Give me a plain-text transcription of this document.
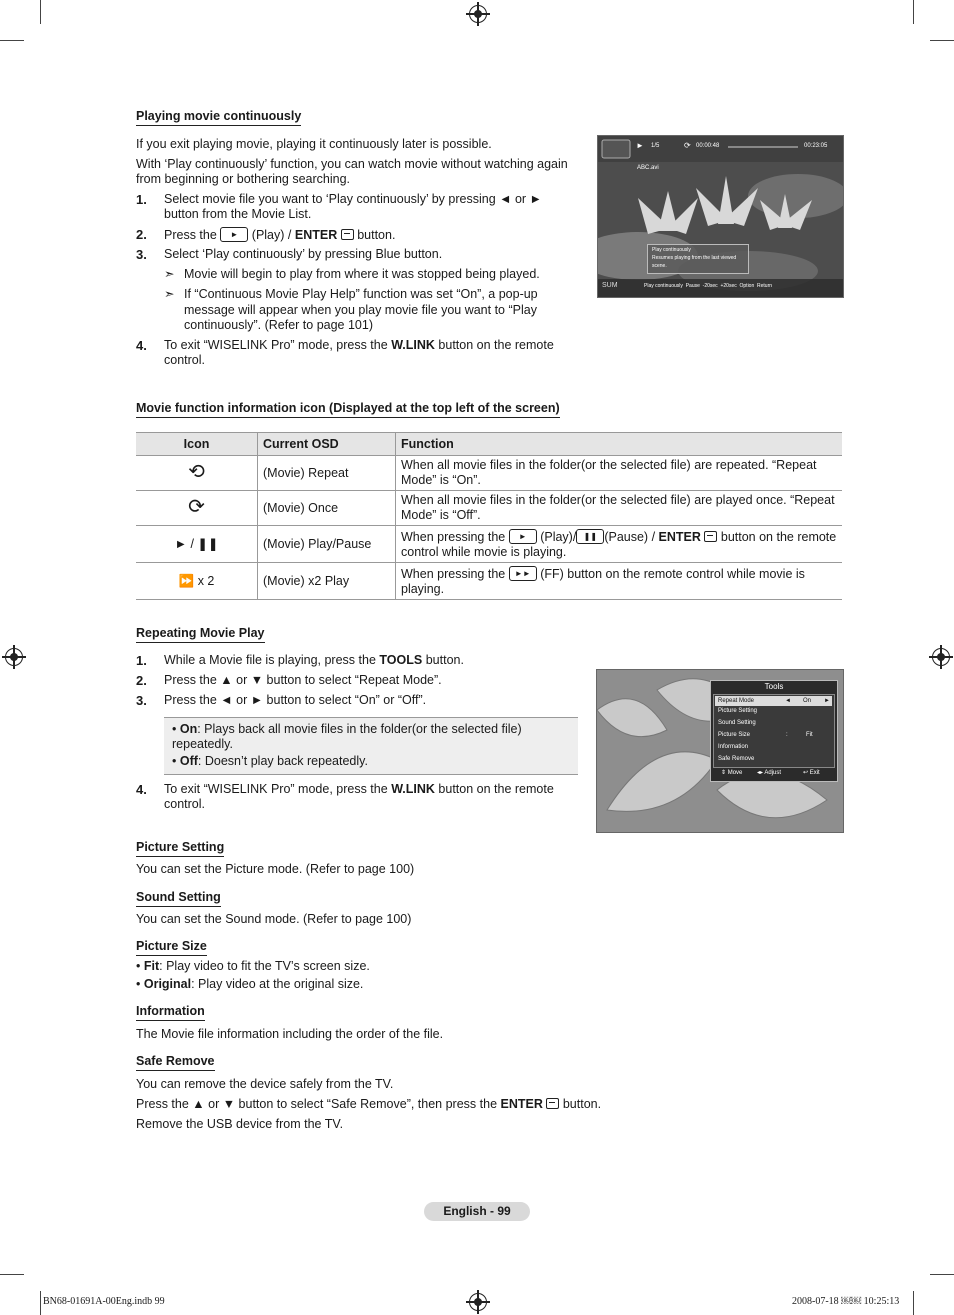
Playing movie continuously

If you exit playing movie, playing it continuously later is possible.

With ‘Play continuously’ function, you can watch movie without watching again from beginning or bothering searching.

1. Select movie file you want to ‘Play continuously’ by pressing ◄ or ► button from the Movie List.
2. Press the	►	(Play) / ENTER button.
3. Select ‘Play continuously’ by pressing Blue button.
➣ Movie will begin to play from where it was stopped being played.
➣ If “Continuous Movie Play Help” function was set “On”, a pop-up message will appear when you play movie file you want to “Play continuously”. (Refer to page 101)
4. To exit “WISELINK Pro” mode, press the W.LINK button on the remote control.
► 1/5	⟳ 00:00:48	00:23:05
ABC.avi
Play continuously
Resumes playing from the last viewed scene.
SUM	Play continuously Pause -20sec +20sec Option Return
Movie function information icon (Displayed at the top left of the screen)
Icon	Current OSD	Function
⟲	(Movie) Repeat	When all movie files in the folder(or the selected file) are repeated. “Repeat Mode” is “On”.
⟳	(Movie) Once	When all movie files in the folder(or the selected file) are played once. “Repeat Mode” is “Off”.
► / ❚❚	(Movie) Play/Pause	When pressing the ► (Play)/ ❚❚ (Pause) / ENTER button on the remote control while movie is playing.
⏩ x 2	(Movie) x2 Play	When pressing the ►► (FF) button on the remote control while movie is playing.
Repeating Movie Play
1. While a Movie file is playing, press the TOOLS button.
2. Press the ▲ or ▼ button to select “Repeat Mode”.
3. Press the ◄ or ► button to select “On” or “Off”.
• On: Plays back all movie files in the folder(or the selected file) repeatedly.
• Off: Doesn’t play back repeatedly.
4. To exit “WISELINK Pro” mode, press the W.LINK button on the remote control.
Tools
Repeat Mode	◄ On ►
Picture Setting
Sound Setting
Picture Size	:	Fit
Information
Safe Remove
⇕ Move ◂▸ Adjust	↩ Exit
Picture Setting

You can set the Picture mode. (Refer to page 100)

Sound Setting

You can set the Sound mode. (Refer to page 100)

Picture Size

• Fit: Play video to fit the TV’s screen size.

• Original: Play video at the original size.

Information

The Movie file information including the order of the file.

Safe Remove

You can remove the device safely from the TV.

Press the ▲ or ▼ button to select “Safe Remove”, then press the ENTER button.

Remove the USB device from the TV.

English - 99
BN68-01691A-00Eng.indb 99	2008-07-18 ￼￼ 10:25:13
